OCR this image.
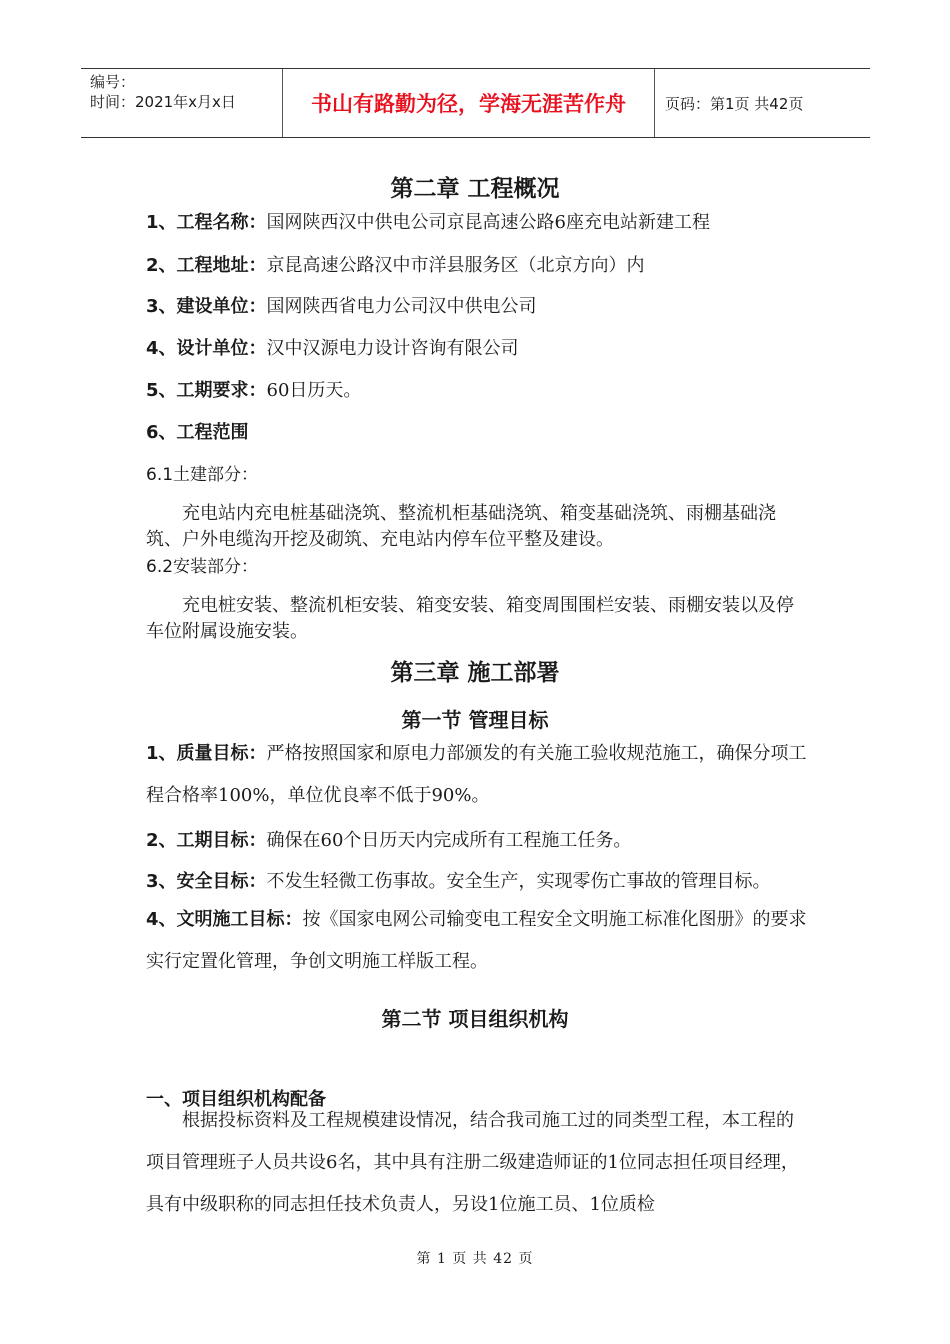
编号：
时间：2021年x月x日	书山有路勤为径，学海无涯苦作舟	页码：第1页 共42页
第二章 工程概况
1、工程名称：国网陕西汉中供电公司京昆高速公路6座充电站新建工程
2、工程地址：京昆高速公路汉中市洋县服务区（北京方向）内
3、建设单位：国网陕西省电力公司汉中供电公司
4、设计单位：汉中汉源电力设计咨询有限公司
5、工期要求：60日历天。
6、工程范围
6.1土建部分：
充电站内充电桩基础浇筑、整流机柜基础浇筑、箱变基础浇筑、雨棚基础浇筑、户外电缆沟开挖及砌筑、充电站内停车位平整及建设。
6.2安装部分：
充电桩安装、整流机柜安装、箱变安装、箱变周围围栏安装、雨棚安装以及停车位附属设施安装。
第三章 施工部署
第一节 管理目标
1、质量目标：严格按照国家和原电力部颁发的有关施工验收规范施工，确保分项工程合格率100%，单位优良率不低于90%。
2、工期目标：确保在60个日历天内完成所有工程施工任务。
3、安全目标：不发生轻微工伤事故。安全生产，实现零伤亡事故的管理目标。
4、文明施工目标：按《国家电网公司输变电工程安全文明施工标准化图册》的要求实行定置化管理，争创文明施工样版工程。
第二节 项目组织机构
一、项目组织机构配备
根据投标资料及工程规模建设情况，结合我司施工过的同类型工程，本工程的项目管理班子人员共设6名，其中具有注册二级建造师证的1位同志担任项目经理，具有中级职称的同志担任技术负责人，另设1位施工员、1位质检
第 1 页 共 42 页
